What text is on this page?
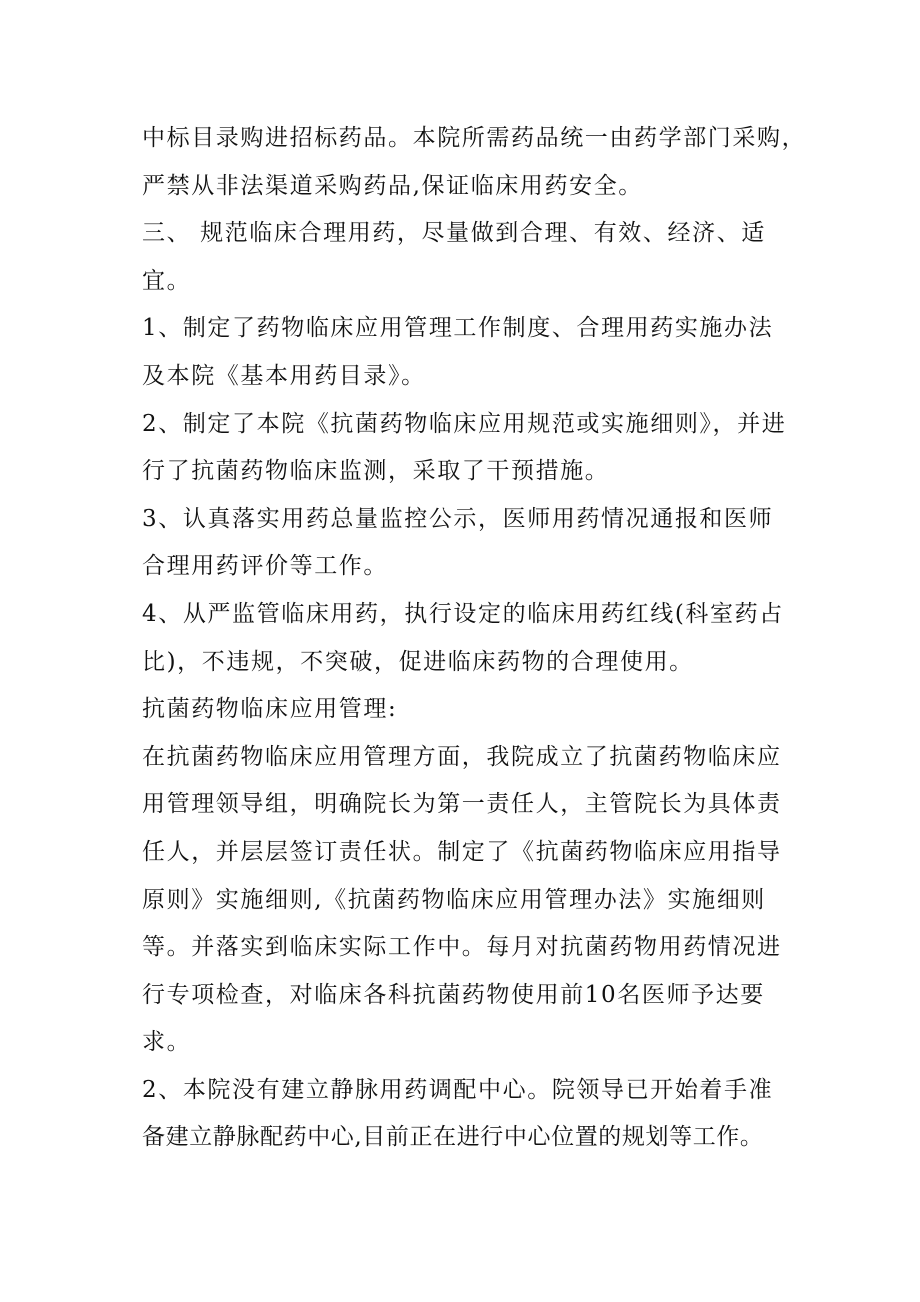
中标目录购进招标药品。本院所需药品统一由药学部门采购，
严禁从非法渠道采购药品,保证临床用药安全。
三、 规范临床合理用药，尽量做到合理、有效、经济、适
宜。
1、制定了药物临床应用管理工作制度、合理用药实施办法
及本院《基本用药目录》。
2、制定了本院《抗菌药物临床应用规范或实施细则》，并进
行了抗菌药物临床监测，采取了干预措施。
3、认真落实用药总量监控公示，医师用药情况通报和医师
合理用药评价等工作。
4、从严监管临床用药，执行设定的临床用药红线(科室药占
比)，不违规，不突破，促进临床药物的合理使用。
抗菌药物临床应用管理:
在抗菌药物临床应用管理方面，我院成立了抗菌药物临床应
用管理领导组，明确院长为第一责任人，主管院长为具体责
任人，并层层签订责任状。制定了《抗菌药物临床应用指导
原则》实施细则,《抗菌药物临床应用管理办法》实施细则
等。并落实到临床实际工作中。每月对抗菌药物用药情况进
行专项检查，对临床各科抗菌药物使用前10名医师予达要
求。
2、本院没有建立静脉用药调配中心。院领导已开始着手准
备建立静脉配药中心,目前正在进行中心位置的规划等工作。
